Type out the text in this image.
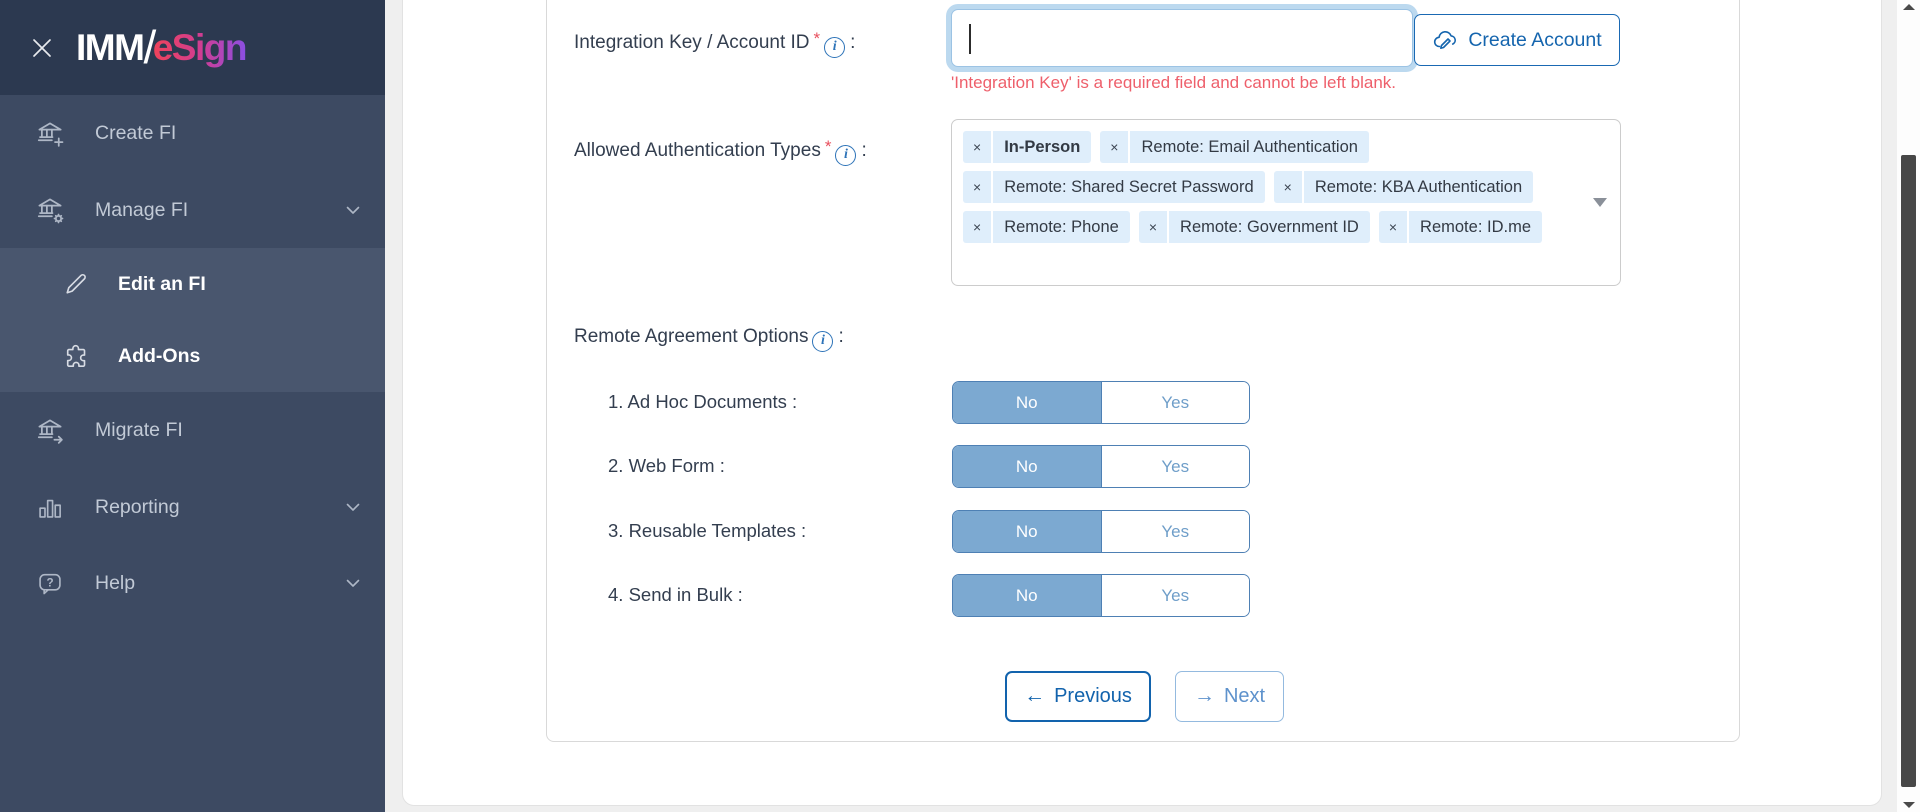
IMM /
eSign
Create FI
Manage FI
Edit an FI
Add-Ons
Migrate FI
Reporting
? Help
Integration Key / Account ID * i :	Create Account
'Integration Key' is a required field and cannot be left blank.
Allowed Authentication Types * i :	×	In-Person	×	Remote: Email Authentication
×	Remote: Shared Secret Password	×	Remote: KBA Authentication
×	Remote: Phone	×	Remote: Government ID	×	Remote: ID.me
Remote Agreement Options i :
1. Ad Hoc Documents :	No	Yes
2. Web Form :	No	Yes
3. Reusable Templates :	No	Yes
4. Send in Bulk :	No	Yes
← Previous	→ Next
